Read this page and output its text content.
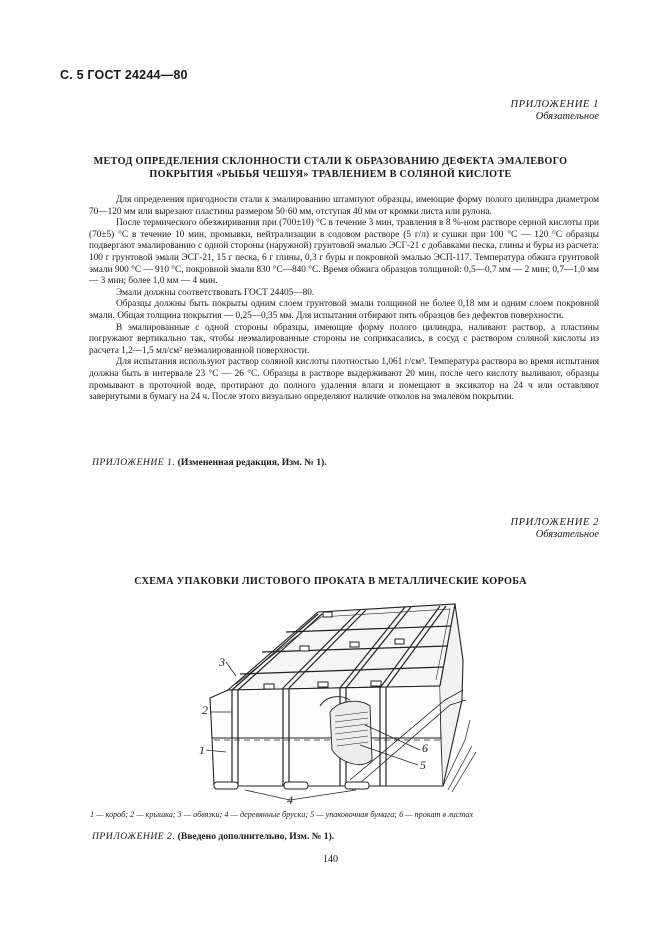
С. 5 ГОСТ 24244—80
ПРИЛОЖЕНИЕ 1
Обязательное
МЕТОД ОПРЕДЕЛЕНИЯ СКЛОННОСТИ СТАЛИ К ОБРАЗОВАНИЮ ДЕФЕКТА ЭМАЛЕВОГО
ПОКРЫТИЯ «РЫБЬЯ ЧЕШУЯ» ТРАВЛЕНИЕМ В СОЛЯНОЙ КИСЛОТЕ

Для определения пригодности стали к эмалированию штампуют образцы, имеющие форму полого цилиндра диаметром 70—120 мм или вырезают пластины размером 50·60 мм, отступая 40 мм от кромки листа или рулона.

После термического обезжиривания при (700±10) °С в течение 3 мин, травления в 8 %-ном растворе серной кислоты при (70±5) °С в течение 10 мин, промывки, нейтрализации в содовом растворе (5 г/л) и сушки при 100 °С — 120 °С образцы подвергают эмалированию с одной стороны (наружной) грунтовой эмалью ЭСГ-21 с добавками песка, глины и буры из расчета: 100 г грунтовой эмали ЭСГ-21, 15 г песка, 6 г глины, 0,3 г буры и покровной эмалью ЭСП-117. Температура обжига грунтовой эмали 900 °С — 910 °С, покровной эмали 830 °С—840 °С. Время обжига образцов толщиной: 0,5—0,7 мм — 2 мин; 0,7—1,0 мм — 3 мин; более 1,0 мм — 4 мин.

Эмали должны соответствовать ГОСТ 24405—80.

Образцы должны быть покрыты одним слоем грунтовой эмали толщиной не более 0,18 мм и одним слоем покровной эмали. Общая толщина покрытия — 0,25—0,35 мм. Для испытания отбирают пять образцов без дефектов поверхности.

В эмалированные с одной стороны образцы, имеющие форму полого цилиндра, наливают раствор, а пластины погружают вертикально так, чтобы неэмалированные стороны не соприкасались, в сосуд с раствором соляной кислоты из расчета 1,2—1,5 мл/см² неэмалированной поверхности.

Для испытания используют раствор соляной кислоты плотностью 1,061 г/см³. Температура раствора во время испытания должна быть в интервале 23 °С — 26 °С. Образцы в растворе выдерживают 20 мин, после чего кислоту выливают, образцы промывают в проточной воде, протирают до полного удаления влаги и помещают в эксикатор на 24 ч или оставляют завернутыми в бумагу на 24 ч. После этого визуально определяют наличие отколов на эмалевом покрытии.

ПРИЛОЖЕНИЕ 1. (Измененная редакция, Изм. № 1).
ПРИЛОЖЕНИЕ 2
Обязательное
СХЕМА УПАКОВКИ ЛИСТОВОГО ПРОКАТА В МЕТАЛЛИЧЕСКИЕ КОРОБА
3
2
1
4
6
5
1 — короб; 2 — крышка; 3 — обвязки; 4 — деревянные бруски; 5 — упаковочная бумага; 6 — прокат в листах
ПРИЛОЖЕНИЕ 2. (Введено дополнительно, Изм. № 1).
140
